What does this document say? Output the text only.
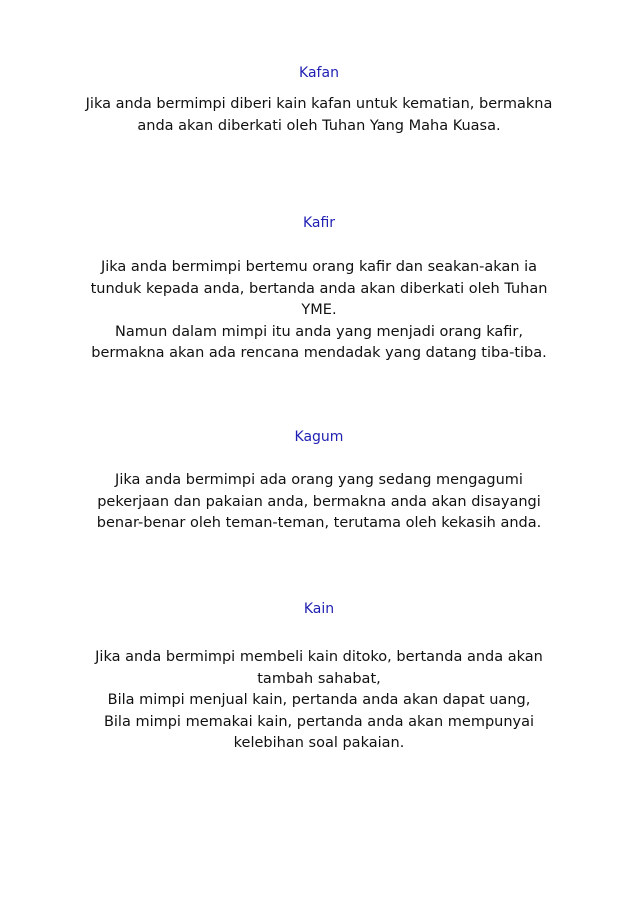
Kafan
Jika anda bermimpi diberi kain kafan untuk kematian, bermakna
anda akan diberkati oleh Tuhan Yang Maha Kuasa.
Kafir
Jika anda bermimpi bertemu orang kafir dan seakan-akan ia
tunduk kepada anda, bertanda anda akan diberkati oleh Tuhan
YME.
Namun dalam mimpi itu anda yang menjadi orang kafir,
bermakna akan ada rencana mendadak yang datang tiba-tiba.
Kagum
Jika anda bermimpi ada orang yang sedang mengagumi
pekerjaan dan pakaian anda, bermakna anda akan disayangi
benar-benar oleh teman-teman, terutama oleh kekasih anda.
Kain
Jika anda bermimpi membeli kain ditoko, bertanda anda akan
tambah sahabat,
Bila mimpi menjual kain, pertanda anda akan dapat uang,
Bila mimpi memakai kain, pertanda anda akan mempunyai
kelebihan soal pakaian.
